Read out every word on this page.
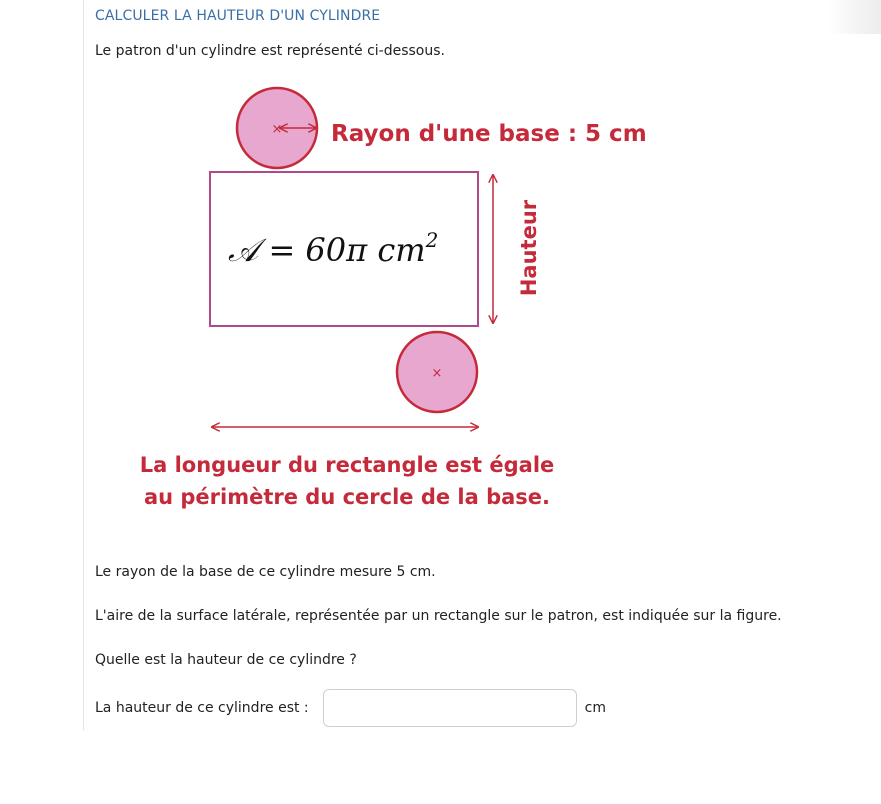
CALCULER LA HAUTEUR D'UN CYLINDRE
Le patron d'un cylindre est représenté ci-dessous.
× Rayon d'une base : 5 cm
𝒜 = 60π $cm^2$	Hauteur
×
La longueur du rectangle est égale
au périmètre du cercle de la base.
Le rayon de la base de ce cylindre mesure 5 cm.
L'aire de la surface latérale, représentée par un rectangle sur le patron, est indiquée sur la figure.
Quelle est la hauteur de ce cylindre ?
La hauteur de ce cylindre est :	cm
